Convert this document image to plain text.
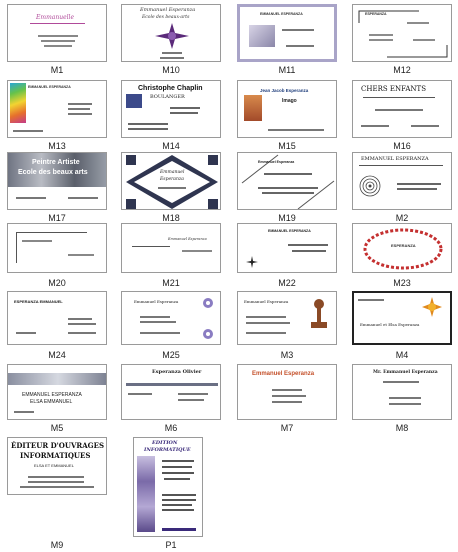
Emmanuelle
M1
Emmanuel Esperanza
Ecole des beaux-arts
M10
EMMANUEL ESPERANZA
M11
ESPERANZA
M12
EMMANUEL ESPERANZA
M13
Christophe Chaplin
BOULANGER
M14
Jean Jacob Esperanza
Imago
M15
CHERS ENFANTS
M16
Peintre Artiste
Ecole des beaux arts
M17
Emmanuel
Esperanza
M18
Emmanuel Esperanza
M19
EMMANUEL ESPERANZA
M2
M20
Emmanuel Esperanza
M21
EMMANUEL ESPERANZA
M22
ESPERANZA
M23
ESPERANZA EMMANUEL
M24
Emmanuel Esperanza
M25
Emmanuel Esperanza
M3
Emmanuel et Elsa Esperanza
M4
EMMANUEL ESPERANZA
ELSA EMMANUEL
M5
Esperanza Olivier
M6
Emmanuel Esperanza
M7
Mr. Emmanuel Esperanza
M8
ÉDITEUR D'OUVRAGES
INFORMATIQUES
ELSA ET EMMANUEL
M9
EDITION
INFORMATIQUE
P1
